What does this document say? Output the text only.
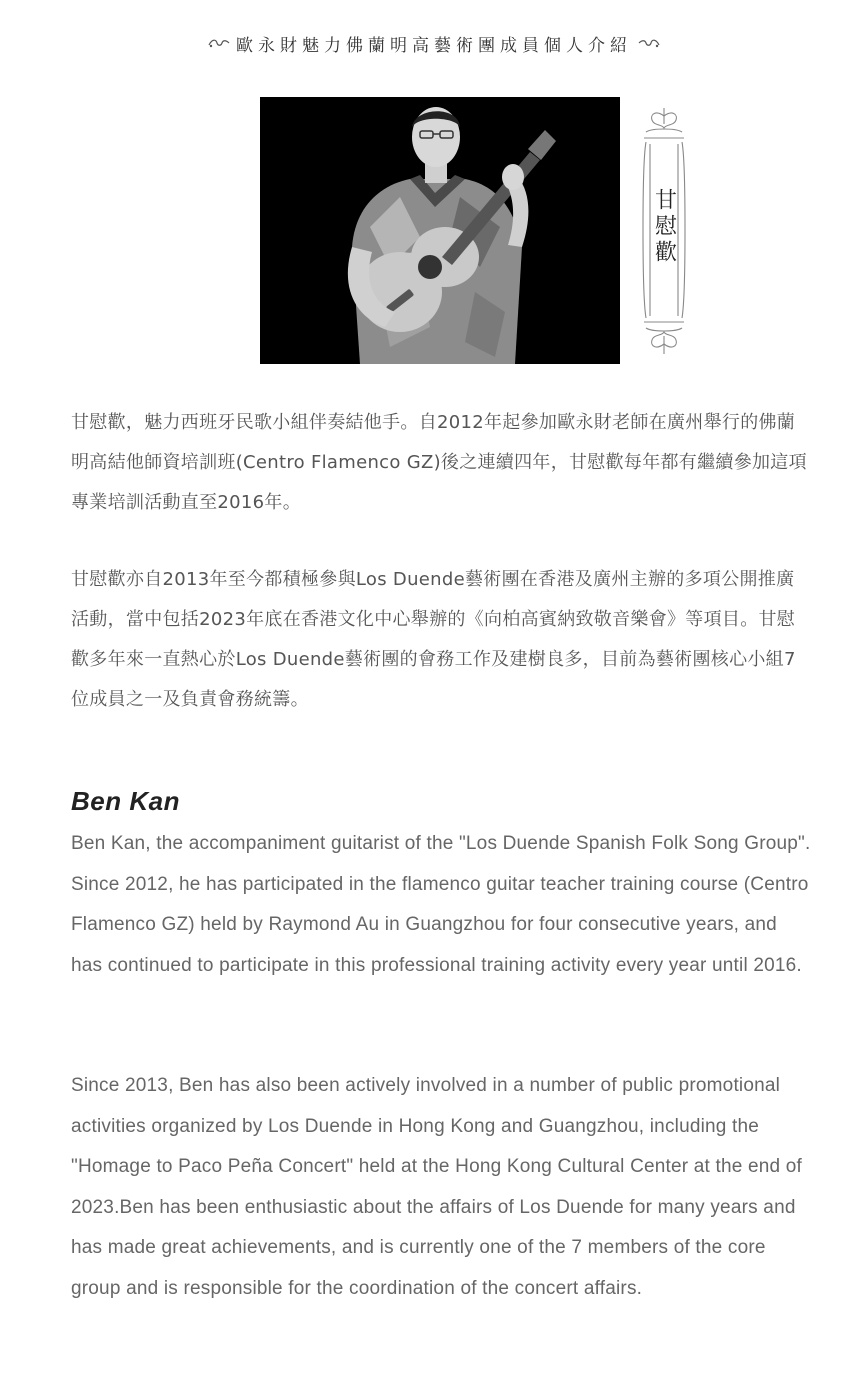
歐永財魅力佛蘭明高藝術團成員個人介紹
甘慰歡

甘慰歡，魅力西班牙民歌小組伴奏結他手。自2012年起參加歐永財老師在廣州舉行的佛蘭明高結他師資培訓班(Centro Flamenco GZ)後之連續四年，甘慰歡每年都有繼續參加這項專業培訓活動直至2016年。

甘慰歡亦自2013年至今都積極參與Los Duende藝術團在香港及廣州主辦的多項公開推廣活動，當中包括2023年底在香港文化中心舉辦的《向柏高賓納致敬音樂會》等項目。甘慰歡多年來一直熱心於Los Duende藝術團的會務工作及建樹良多，目前為藝術團核心小組7位成員之一及負責會務統籌。

Ben Kan

Ben Kan, the accompaniment guitarist of the "Los Duende Spanish Folk Song Group". Since 2012, he has participated in the flamenco guitar teacher training course (Centro Flamenco GZ) held by Raymond Au in Guangzhou for four consecutive years, and has continued to participate in this professional training activity every year until 2016.

Since 2013, Ben has also been actively involved in a number of public promotional activities organized by Los Duende in Hong Kong and Guangzhou, including the "Homage to Paco Peña Concert" held at the Hong Kong Cultural Center at the end of 2023.Ben has been enthusiastic about the affairs of Los Duende for many years and has made great achievements, and is currently one of the 7 members of the core group and is responsible for the coordination of the concert affairs.
